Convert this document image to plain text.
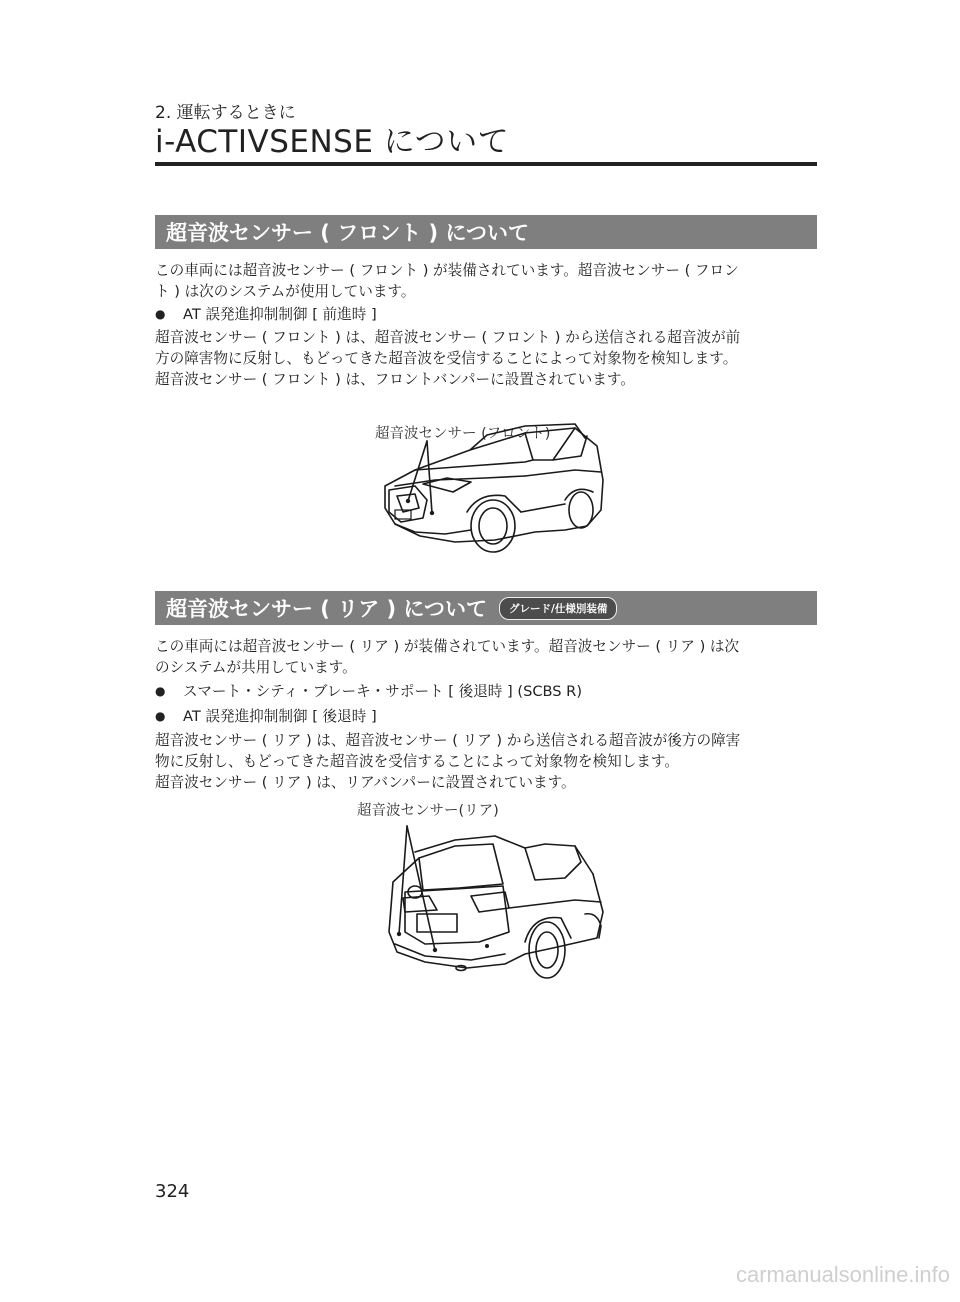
2. 運転するときに
i-ACTIVSENSE について
超音波センサー ( フロント ) について

この車両には超音波センサー ( フロント ) が装備されています。超音波センサー ( フロン

ト ) は次のシステムが使用しています。

●	AT 誤発進抑制制御 [ 前進時 ]

超音波センサー ( フロント ) は、超音波センサー ( フロント ) から送信される超音波が前

方の障害物に反射し、もどってきた超音波を受信することによって対象物を検知します。

超音波センサー ( フロント ) は、フロントバンパーに設置されています。

超音波センサー (フロント)
超音波センサー ( リア ) について	グレード/仕様別装備

この車両には超音波センサー ( リア ) が装備されています。超音波センサー ( リア ) は次

のシステムが共用しています。

●	スマート・シティ・ブレーキ・サポート [ 後退時 ] (SCBS R)
●	AT 誤発進抑制制御 [ 後退時 ]

超音波センサー ( リア ) は、超音波センサー ( リア ) から送信される超音波が後方の障害

物に反射し、もどってきた超音波を受信することによって対象物を検知します。

超音波センサー ( リア ) は、リアバンパーに設置されています。

超音波センサー(リア)
324
carmanualsonline.info
